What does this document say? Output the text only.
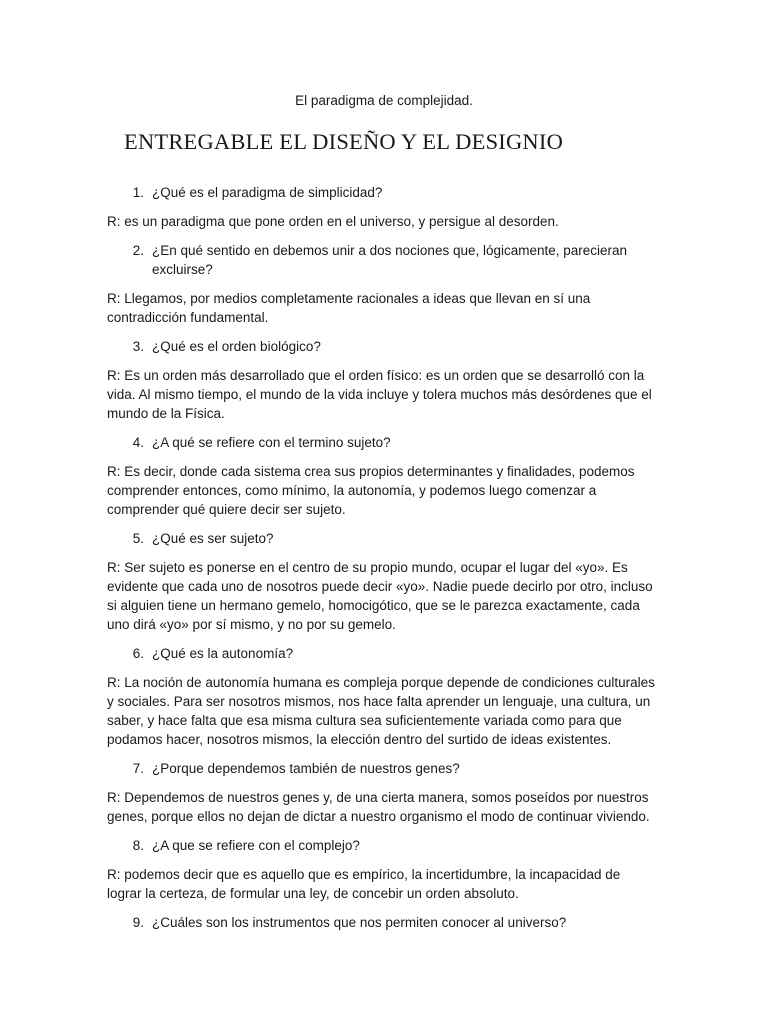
El paradigma de complejidad.
ENTREGABLE EL DISEÑO Y EL DESIGNIO
1. ¿Qué es el paradigma de simplicidad?
R: es un paradigma que pone orden en el universo, y persigue al desorden.
2. ¿En qué sentido en debemos unir a dos nociones que, lógicamente, parecieran excluirse?
R: Llegamos, por medios completamente racionales a ideas que llevan en sí una contradicción fundamental.
3. ¿Qué es el orden biológico?
R: Es un orden más desarrollado que el orden físico: es un orden que se desarrolló con la vida. Al mismo tiempo, el mundo de la vida incluye y tolera muchos más desórdenes que el mundo de la Física.
4. ¿A qué se refiere con el termino sujeto?
R: Es decir, donde cada sistema crea sus propios determinantes y finalidades, podemos comprender entonces, como mínimo, la autonomía, y podemos luego comenzar a comprender qué quiere decir ser sujeto.
5. ¿Qué es ser sujeto?
R: Ser sujeto es ponerse en el centro de su propio mundo, ocupar el lugar del «yo». Es evidente que cada uno de nosotros puede decir «yo». Nadie puede decirlo por otro, incluso si alguien tiene un hermano gemelo, homocigótico, que se le parezca exactamente, cada uno dirá «yo» por sí mismo, y no por su gemelo.
6. ¿Qué es la autonomía?
R: La noción de autonomía humana es compleja porque depende de condiciones culturales y sociales. Para ser nosotros mismos, nos hace falta aprender un lenguaje, una cultura, un saber, y hace falta que esa misma cultura sea suficientemente variada como para que podamos hacer, nosotros mismos, la elección dentro del surtido de ideas existentes.
7. ¿Porque dependemos también de nuestros genes?
R: Dependemos de nuestros genes y, de una cierta manera, somos poseídos por nuestros genes, porque ellos no dejan de dictar a nuestro organismo el modo de continuar viviendo.
8. ¿A que se refiere con el complejo?
R: podemos decir que es aquello que es empírico, la incertidumbre, la incapacidad de lograr la certeza, de formular una ley, de concebir un orden absoluto.
9. ¿Cuáles son los instrumentos que nos permiten conocer al universo?
